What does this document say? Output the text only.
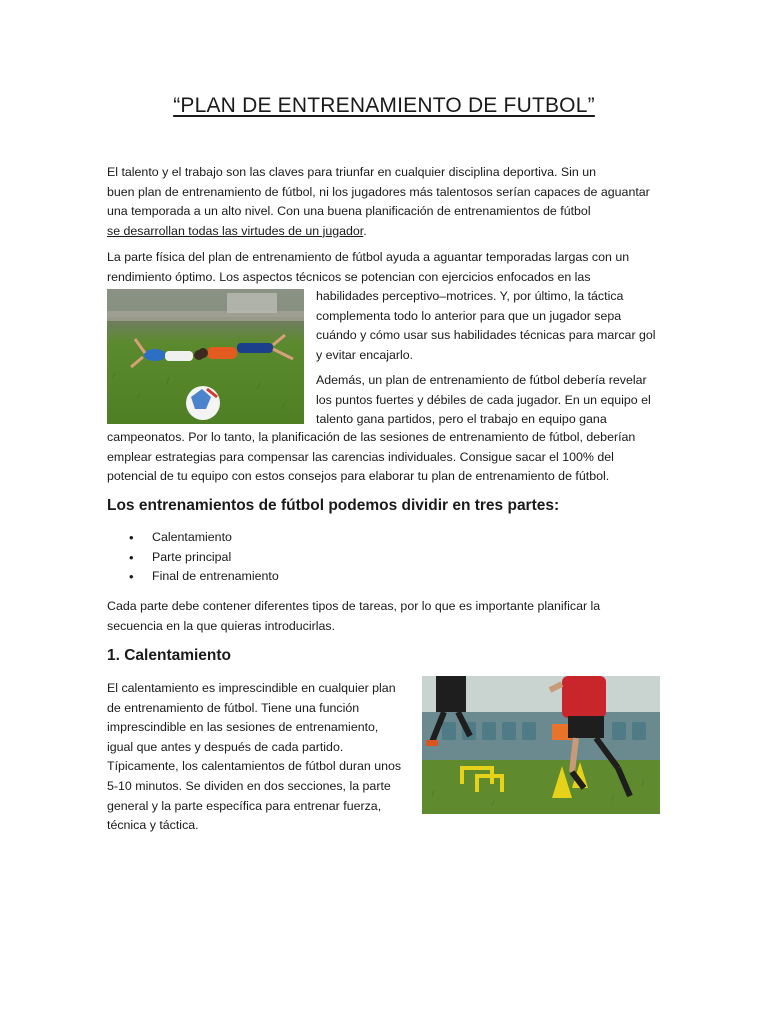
“PLAN DE ENTRENAMIENTO DE FUTBOL”

El talento y el trabajo son las claves para triunfar en cualquier disciplina deportiva. Sin un

buen plan de entrenamiento de fútbol, ni los jugadores más talentosos serían capaces de aguantar

una temporada a un alto nivel. Con una buena planificación de entrenamientos de fútbol

se desarrollan todas las virtudes de un jugador.

La parte física del plan de entrenamiento de fútbol ayuda a aguantar temporadas largas con un

rendimiento óptimo. Los aspectos técnicos se potencian con ejercicios enfocados en las

habilidades perceptivo–motrices. Y, por último, la táctica

complementa todo lo anterior para que un jugador sepa

cuándo y cómo usar sus habilidades técnicas para marcar gol

y evitar encajarlo.

Además, un plan de entrenamiento de fútbol debería revelar

los puntos fuertes y débiles de cada jugador. En un equipo el

talento gana partidos, pero el trabajo en equipo gana

campeonatos. Por lo tanto, la planificación de las sesiones de entrenamiento de fútbol, deberían

emplear estrategias para compensar las carencias individuales. Consigue sacar el 100% del

potencial de tu equipo con estos consejos para elaborar tu plan de entrenamiento de fútbol.

Los entrenamientos de fútbol podemos dividir en tres partes:
• Calentamiento
• Parte principal
• Final de entrenamiento

Cada parte debe contener diferentes tipos de tareas, por lo que es importante planificar la

secuencia en la que quieras introducirlas.

1. Calentamiento

El calentamiento es imprescindible en cualquier plan

de entrenamiento de fútbol. Tiene una función

imprescindible en las sesiones de entrenamiento,

igual que antes y después de cada partido.

Típicamente, los calentamientos de fútbol duran unos

5-10 minutos. Se dividen en dos secciones, la parte

general y la parte específica para entrenar fuerza,

técnica y táctica.
